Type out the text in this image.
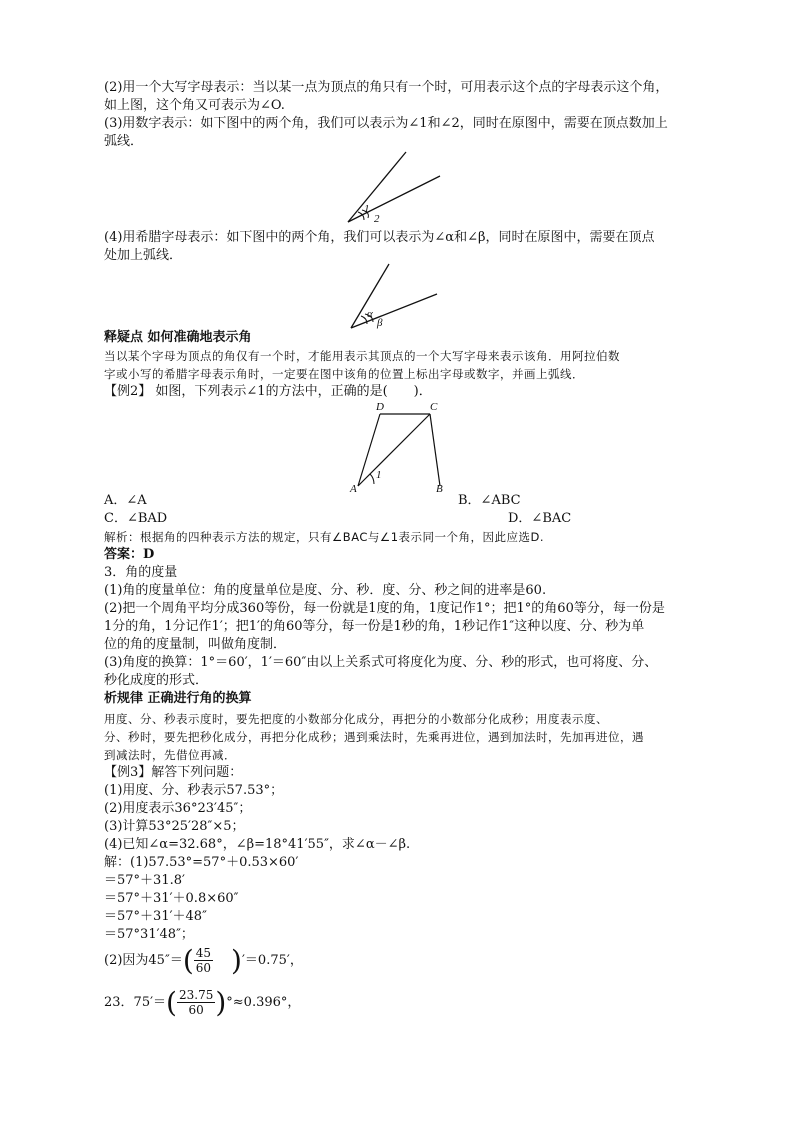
(2)用一个大写字母表示：当以某一点为顶点的角只有一个时，可用表示这个点的字母表示这个角，
如上图，这个角又可表示为∠O.
(3)用数字表示：如下图中的两个角，我们可以表示为∠1和∠2，同时在原图中，需要在顶点数加上
弧线．
1
2
(4)用希腊字母表示：如下图中的两个角，我们可以表示为∠α和∠β，同时在原图中，需要在顶点
处加上弧线．
α
β
释疑点 如何准确地表示角
当以某个字母为顶点的角仅有一个时，才能用表示其顶点的一个大写字母来表示该角．用阿拉伯数
字或小写的希腊字母表示角时，一定要在图中该角的位置上标出字母或数字，并画上弧线．
【例2】 如图，下列表示∠1的方法中，正确的是(　　)．
D	C
A	B
1
A．∠A	B．∠ABC
C．∠BAD	D．∠BAC
解析：根据角的四种表示方法的规定，只有∠BAC与∠1表示同一个角，因此应选D.
答案：D
3．角的度量
(1)角的度量单位：角的度量单位是度、分、秒．度、分、秒之间的进率是60.
(2)把一个周角平均分成360等份，每一份就是1度的角，1度记作1°；把1°的角60等分，每一份是
1分的角，1分记作1′；把1′的角60等分，每一份是1秒的角，1秒记作1″这种以度、分、秒为单
位的角的度量制，叫做角度制．
(3)角度的换算：1°＝60′，1′＝60″由以上关系式可将度化为度、分、秒的形式，也可将度、分、
秒化成度的形式．
析规律 正确进行角的换算
用度、分、秒表示度时，要先把度的小数部分化成分，再把分的小数部分化成秒；用度表示度、
分、秒时，要先把秒化成分，再把分化成秒；遇到乘法时，先乘再进位，遇到加法时，先加再进位，遇
到减法时，先借位再减．
【例3】解答下列问题：
(1)用度、分、秒表示57.53°；
(2)用度表示36°23′45″；
(3)计算53°25′28″×5；
(4)已知∠α=32.68°，∠β=18°41′55″，求∠α－∠β.
解：(1)57.53°=57°＋0.53×60′
＝57°＋31.8′
＝57°＋31′＋0.8×60″
＝57°＋31′＋48″
＝57°31′48″；
(2)因为45″＝ ( $\frac{45}{60}$ ) ′＝0.75′，
23．75′＝ ( $\frac{23.75}{60}$ ) °≈0.396°，
